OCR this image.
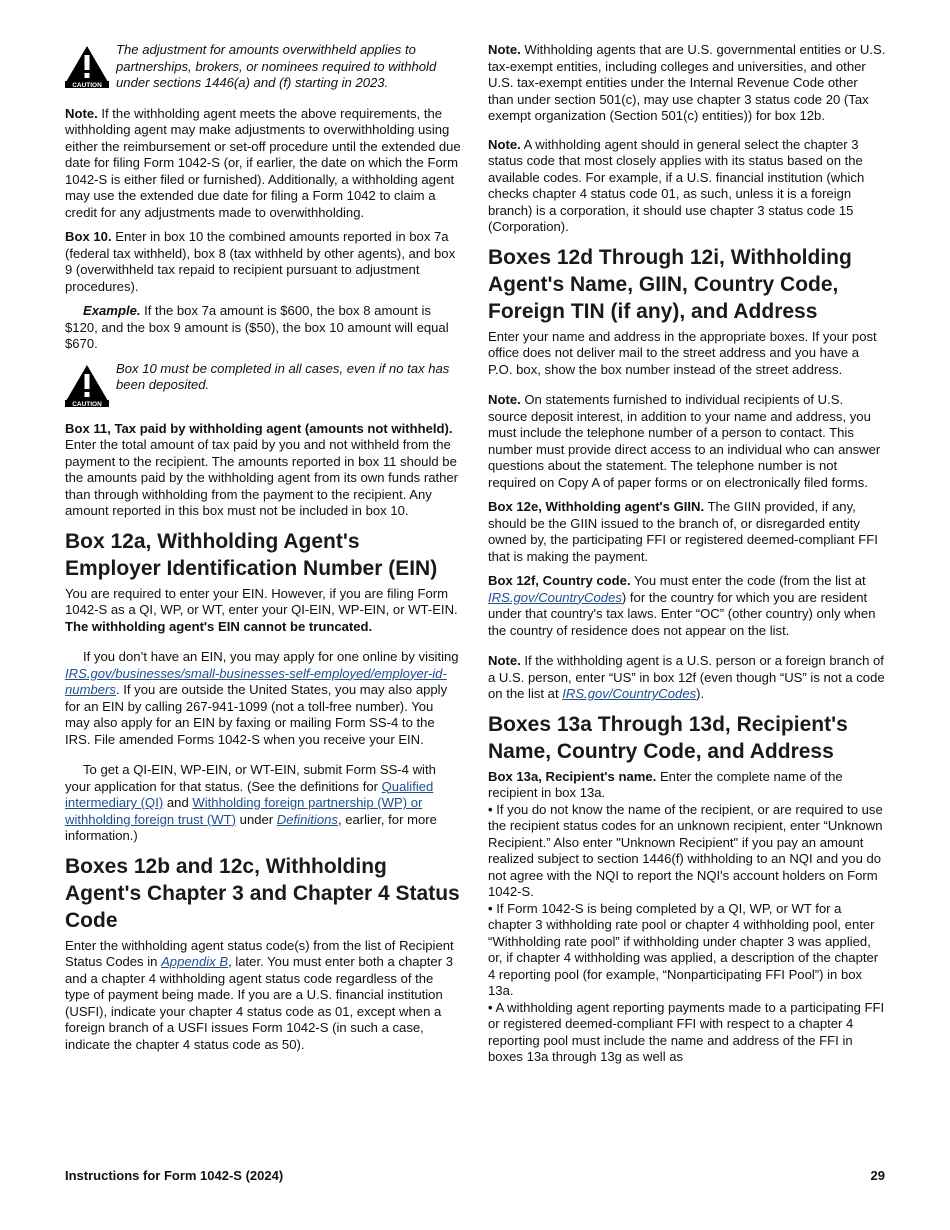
CAUTION

The adjustment for amounts overwithheld applies to partnerships, brokers, or nominees required to withhold under sections 1446(a) and (f) starting in 2023.

Note. If the withholding agent meets the above requirements, the withholding agent may make adjustments to overwithholding using either the reimbursement or set-off procedure until the extended due date for filing Form 1042-S (or, if earlier, the date on which the Form 1042-S is either filed or furnished). Additionally, a withholding agent may use the extended due date for filing a Form 1042 to claim a credit for any adjustments made to overwithholding.

Box 10. Enter in box 10 the combined amounts reported in box 7a (federal tax withheld), box 8 (tax withheld by other agents), and box 9 (overwithheld tax repaid to recipient pursuant to adjustment procedures).

Example. If the box 7a amount is $600, the box 8 amount is $120, and the box 9 amount is ($50), the box 10 amount will equal $670.

CAUTION

Box 10 must be completed in all cases, even if no tax has been deposited.

Box 11, Tax paid by withholding agent (amounts not withheld). Enter the total amount of tax paid by you and not withheld from the payment to the recipient. The amounts reported in box 11 should be the amounts paid by the withholding agent from its own funds rather than through withholding from the payment to the recipient. Any amount reported in this box must not be included in box 10.

Box 12a, Withholding Agent's Employer Identification Number (EIN)

You are required to enter your EIN. However, if you are filing Form 1042-S as a QI, WP, or WT, enter your QI-EIN, WP-EIN, or WT-EIN. The withholding agent's EIN cannot be truncated.

If you don’t have an EIN, you may apply for one online by visiting IRS.gov/businesses/small-businesses-self-employed/employer-id-numbers. If you are outside the United States, you may also apply for an EIN by calling 267-941-1099 (not a toll-free number). You may also apply for an EIN by faxing or mailing Form SS-4 to the IRS. File amended Forms 1042-S when you receive your EIN.

To get a QI-EIN, WP-EIN, or WT-EIN, submit Form SS-4 with your application for that status. (See the definitions for Qualified intermediary (QI) and Withholding foreign partnership (WP) or withholding foreign trust (WT) under Definitions, earlier, for more information.)

Boxes 12b and 12c, Withholding Agent's Chapter 3 and Chapter 4 Status Code

Enter the withholding agent status code(s) from the list of Recipient Status Codes in Appendix B, later. You must enter both a chapter 3 and a chapter 4 withholding agent status code regardless of the type of payment being made. If you are a U.S. financial institution (USFI), indicate your chapter 4 status code as 01, except when a foreign branch of a USFI issues Form 1042-S (in such a case, indicate the chapter 4 status code as 50).

Note. Withholding agents that are U.S. governmental entities or U.S. tax-exempt entities, including colleges and universities, and other U.S. tax-exempt entities under the Internal Revenue Code other than under section 501(c), may use chapter 3 status code 20 (Tax exempt organization (Section 501(c) entities)) for box 12b.

Note. A withholding agent should in general select the chapter 3 status code that most closely applies with its status based on the available codes. For example, if a U.S. financial institution (which checks chapter 4 status code 01, as such, unless it is a foreign branch) is a corporation, it should use chapter 3 status code 15 (Corporation).

Boxes 12d Through 12i, Withholding Agent's Name, GIIN, Country Code, Foreign TIN (if any), and Address

Enter your name and address in the appropriate boxes. If your post office does not deliver mail to the street address and you have a P.O. box, show the box number instead of the street address.

Note. On statements furnished to individual recipients of U.S. source deposit interest, in addition to your name and address, you must include the telephone number of a person to contact. This number must provide direct access to an individual who can answer questions about the statement. The telephone number is not required on Copy A of paper forms or on electronically filed forms.

Box 12e, Withholding agent's GIIN. The GIIN provided, if any, should be the GIIN issued to the branch of, or disregarded entity owned by, the participating FFI or registered deemed-compliant FFI that is making the payment.

Box 12f, Country code. You must enter the code (from the list at IRS.gov/CountryCodes) for the country for which you are resident under that country's tax laws. Enter “OC” (other country) only when the country of residence does not appear on the list.

Note. If the withholding agent is a U.S. person or a foreign branch of a U.S. person, enter “US” in box 12f (even though “US” is not a code on the list at IRS.gov/CountryCodes).

Boxes 13a Through 13d, Recipient's Name, Country Code, and Address

Box 13a, Recipient's name. Enter the complete name of the recipient in box 13a.

• If you do not know the name of the recipient, or are required to use the recipient status codes for an unknown recipient, enter “Unknown Recipient.” Also enter "Unknown Recipient" if you pay an amount realized subject to section 1446(f) withholding to an NQI and you do not agree with the NQI to report the NQI's account holders on Form 1042-S.

• If Form 1042-S is being completed by a QI, WP, or WT for a chapter 3 withholding rate pool or chapter 4 withholding pool, enter “Withholding rate pool” if withholding under chapter 3 was applied, or, if chapter 4 withholding was applied, a description of the chapter 4 reporting pool (for example, “Nonparticipating FFI Pool”) in box 13a.

• A withholding agent reporting payments made to a participating FFI or registered deemed-compliant FFI with respect to a chapter 4 reporting pool must include the name and address of the FFI in boxes 13a through 13g as well as

Instructions for Form 1042-S (2024)	29
